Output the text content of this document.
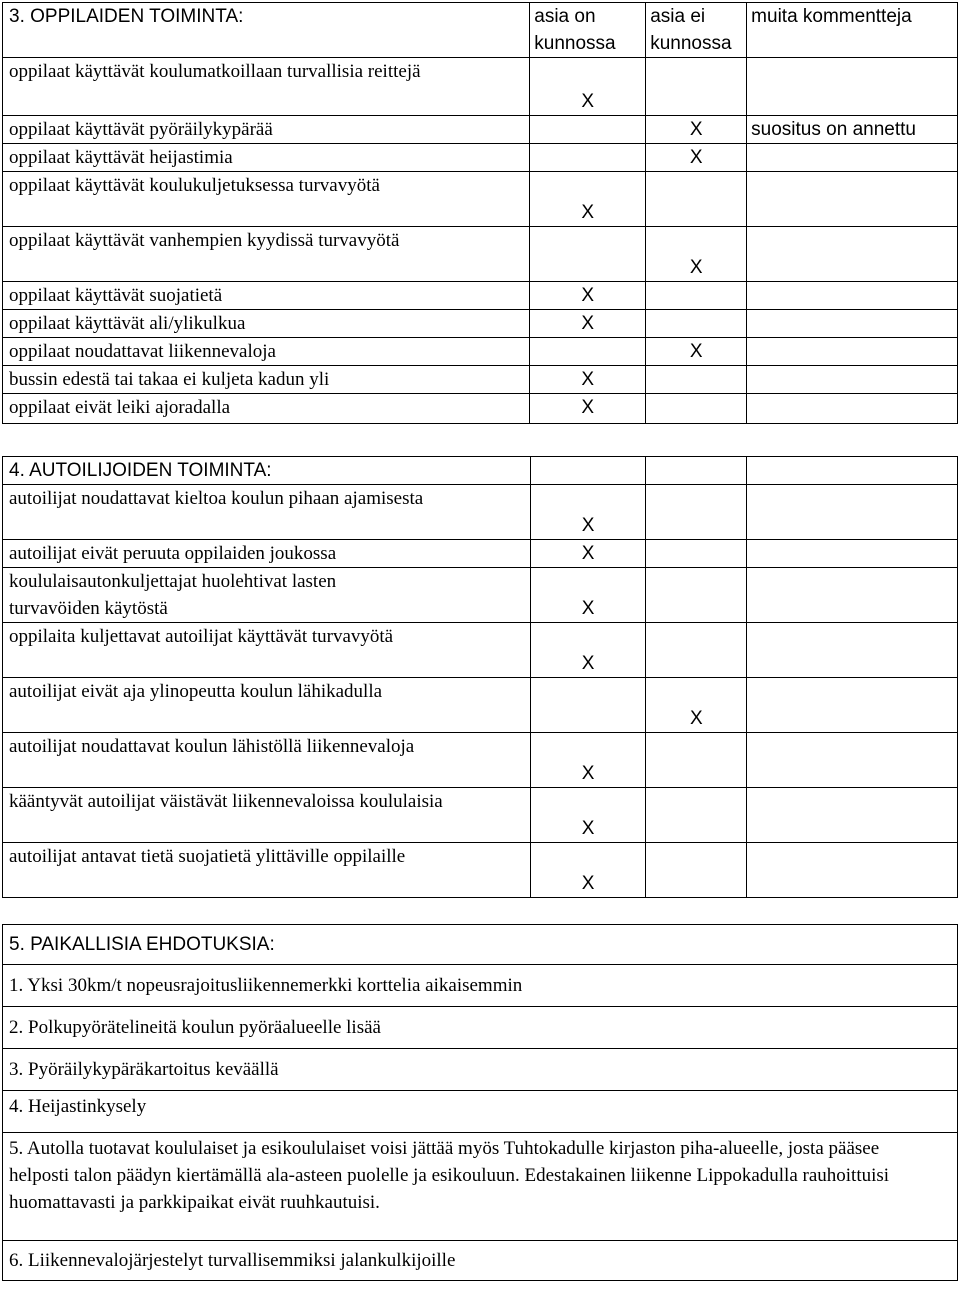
3. OPPILAIDEN TOIMINTA:	asia on kunnossa	asia ei kunnossa	muita kommentteja
oppilaat käyttävät koulumatkoillaan turvallisia reittejä	X		
oppilaat käyttävät pyöräilykypärää		X	suositus on annettu
oppilaat käyttävät heijastimia		X	
oppilaat käyttävät koulukuljetuksessa turvavyötä	X		
oppilaat käyttävät vanhempien kyydissä turvavyötä		X	
oppilaat käyttävät suojatietä	X		
oppilaat käyttävät ali/ylikulkua	X		
oppilaat noudattavat liikennevaloja		X	
bussin edestä tai takaa ei kuljeta kadun yli	X		
oppilaat eivät leiki ajoradalla	X		
4. AUTOILIJOIDEN TOIMINTA:			
autoilijat noudattavat kieltoa koulun pihaan ajamisesta	X		
autoilijat eivät peruuta oppilaiden joukossa	X		
koululaisautonkuljettajat huolehtivat lasten turvavöiden käytöstä	X		
oppilaita kuljettavat autoilijat käyttävät turvavyötä	X		
autoilijat eivät aja ylinopeutta koulun lähikadulla		X	
autoilijat noudattavat koulun lähistöllä liikennevaloja	X		
kääntyvät autoilijat väistävät liikennevaloissa koululaisia	X		
autoilijat antavat tietä suojatietä ylittäville oppilaille	X		
5. PAIKALLISIA EHDOTUKSIA:
1. Yksi 30km/t nopeusrajoitusliikennemerkki korttelia aikaisemmin
2. Polkupyörätelineitä koulun pyöräalueelle lisää
3. Pyöräilykypäräkartoitus keväällä
4. Heijastinkysely
5. Autolla tuotavat koululaiset ja esikoululaiset voisi jättää myös Tuhtokadulle kirjaston piha-alueelle, josta pääsee helposti talon päädyn kiertämällä ala-asteen puolelle ja esikouluun. Edestakainen liikenne Lippokadulla rauhoittuisi huomattavasti ja parkkipaikat eivät ruuhkautuisi.
6. Liikennevalojärjestelyt turvallisemmiksi jalankulkijoille
